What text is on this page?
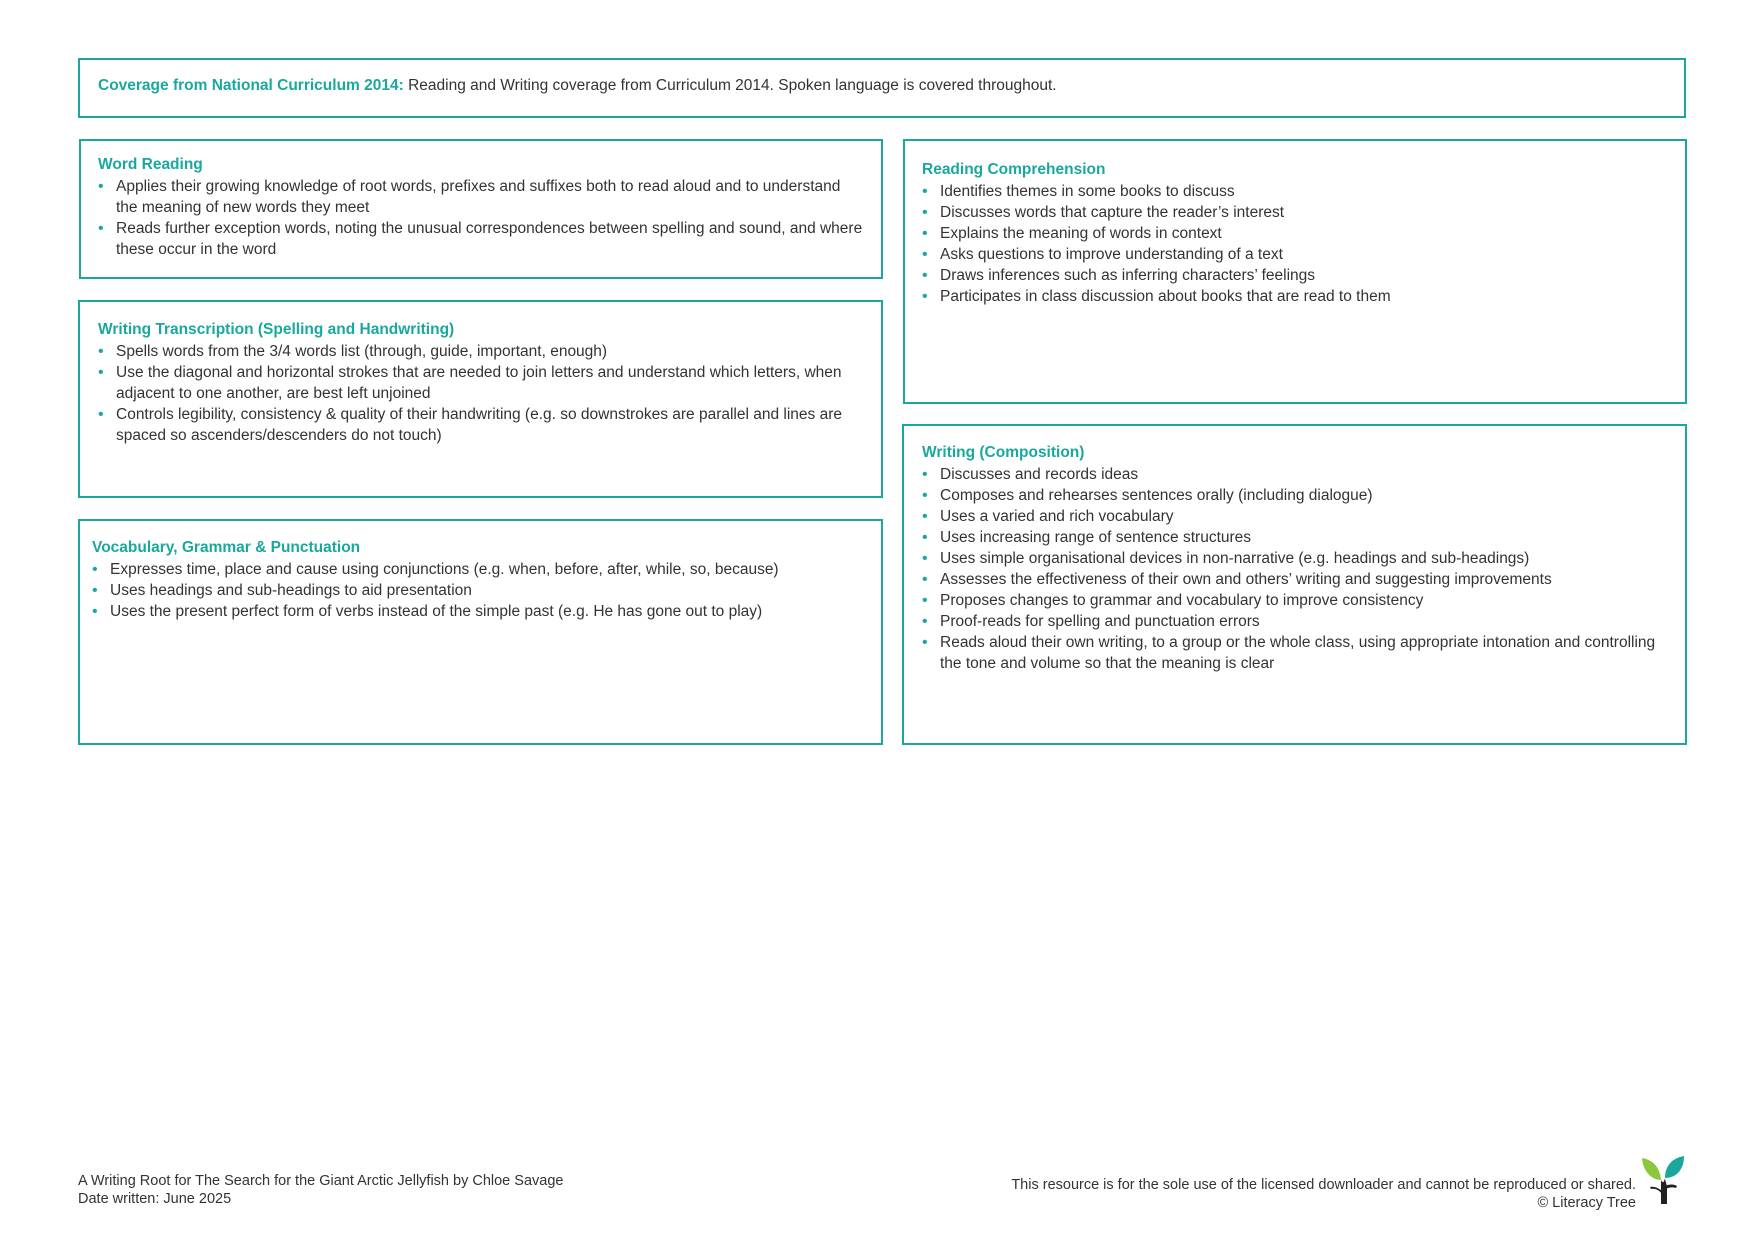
Coverage from National Curriculum 2014: Reading and Writing coverage from Curriculum 2014. Spoken language is covered throughout.
Word Reading
• Applies their growing knowledge of root words, prefixes and suffixes both to read aloud and to understand the meaning of new words they meet
• Reads further exception words, noting the unusual correspondences between spelling and sound, and where these occur in the word
Writing Transcription (Spelling and Handwriting)
• Spells words from the 3/4 words list (through, guide, important, enough)
• Use the diagonal and horizontal strokes that are needed to join letters and understand which letters, when adjacent to one another, are best left unjoined
• Controls legibility, consistency & quality of their handwriting (e.g. so downstrokes are parallel and lines are spaced so ascenders/descenders do not touch)
Vocabulary, Grammar & Punctuation
• Expresses time, place and cause using conjunctions (e.g. when, before, after, while, so, because)
• Uses headings and sub-headings to aid presentation
• Uses the present perfect form of verbs instead of the simple past (e.g. He has gone out to play)
Reading Comprehension
• Identifies themes in some books to discuss
• Discusses words that capture the reader’s interest
• Explains the meaning of words in context
• Asks questions to improve understanding of a text
• Draws inferences such as inferring characters’ feelings
• Participates in class discussion about books that are read to them
Writing (Composition)
• Discusses and records ideas
• Composes and rehearses sentences orally (including dialogue)
• Uses a varied and rich vocabulary
• Uses increasing range of sentence structures
• Uses simple organisational devices in non-narrative (e.g. headings and sub-headings)
• Assesses the effectiveness of their own and others’ writing and suggesting improvements
• Proposes changes to grammar and vocabulary to improve consistency
• Proof-reads for spelling and punctuation errors
• Reads aloud their own writing, to a group or the whole class, using appropriate intonation and controlling the tone and volume so that the meaning is clear
A Writing Root for The Search for the Giant Arctic Jellyfish by Chloe Savage
Date written: June 2025
This resource is for the sole use of the licensed downloader and cannot be reproduced or shared.
© Literacy Tree
